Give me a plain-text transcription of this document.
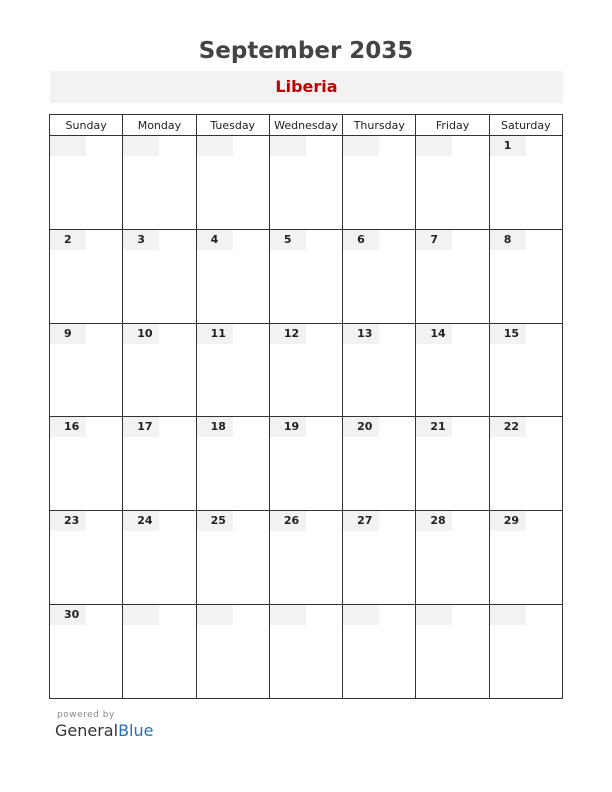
September 2035
Liberia
Sunday	Monday	Tuesday	Wednesday	Thursday	Friday	Saturday

						1

2	3	4	5	6	7	8

9	10	11	12	13	14	15

16	17	18	19	20	21	22

23	24	25	26	27	28	29

30						

powered by
GeneralBlue
